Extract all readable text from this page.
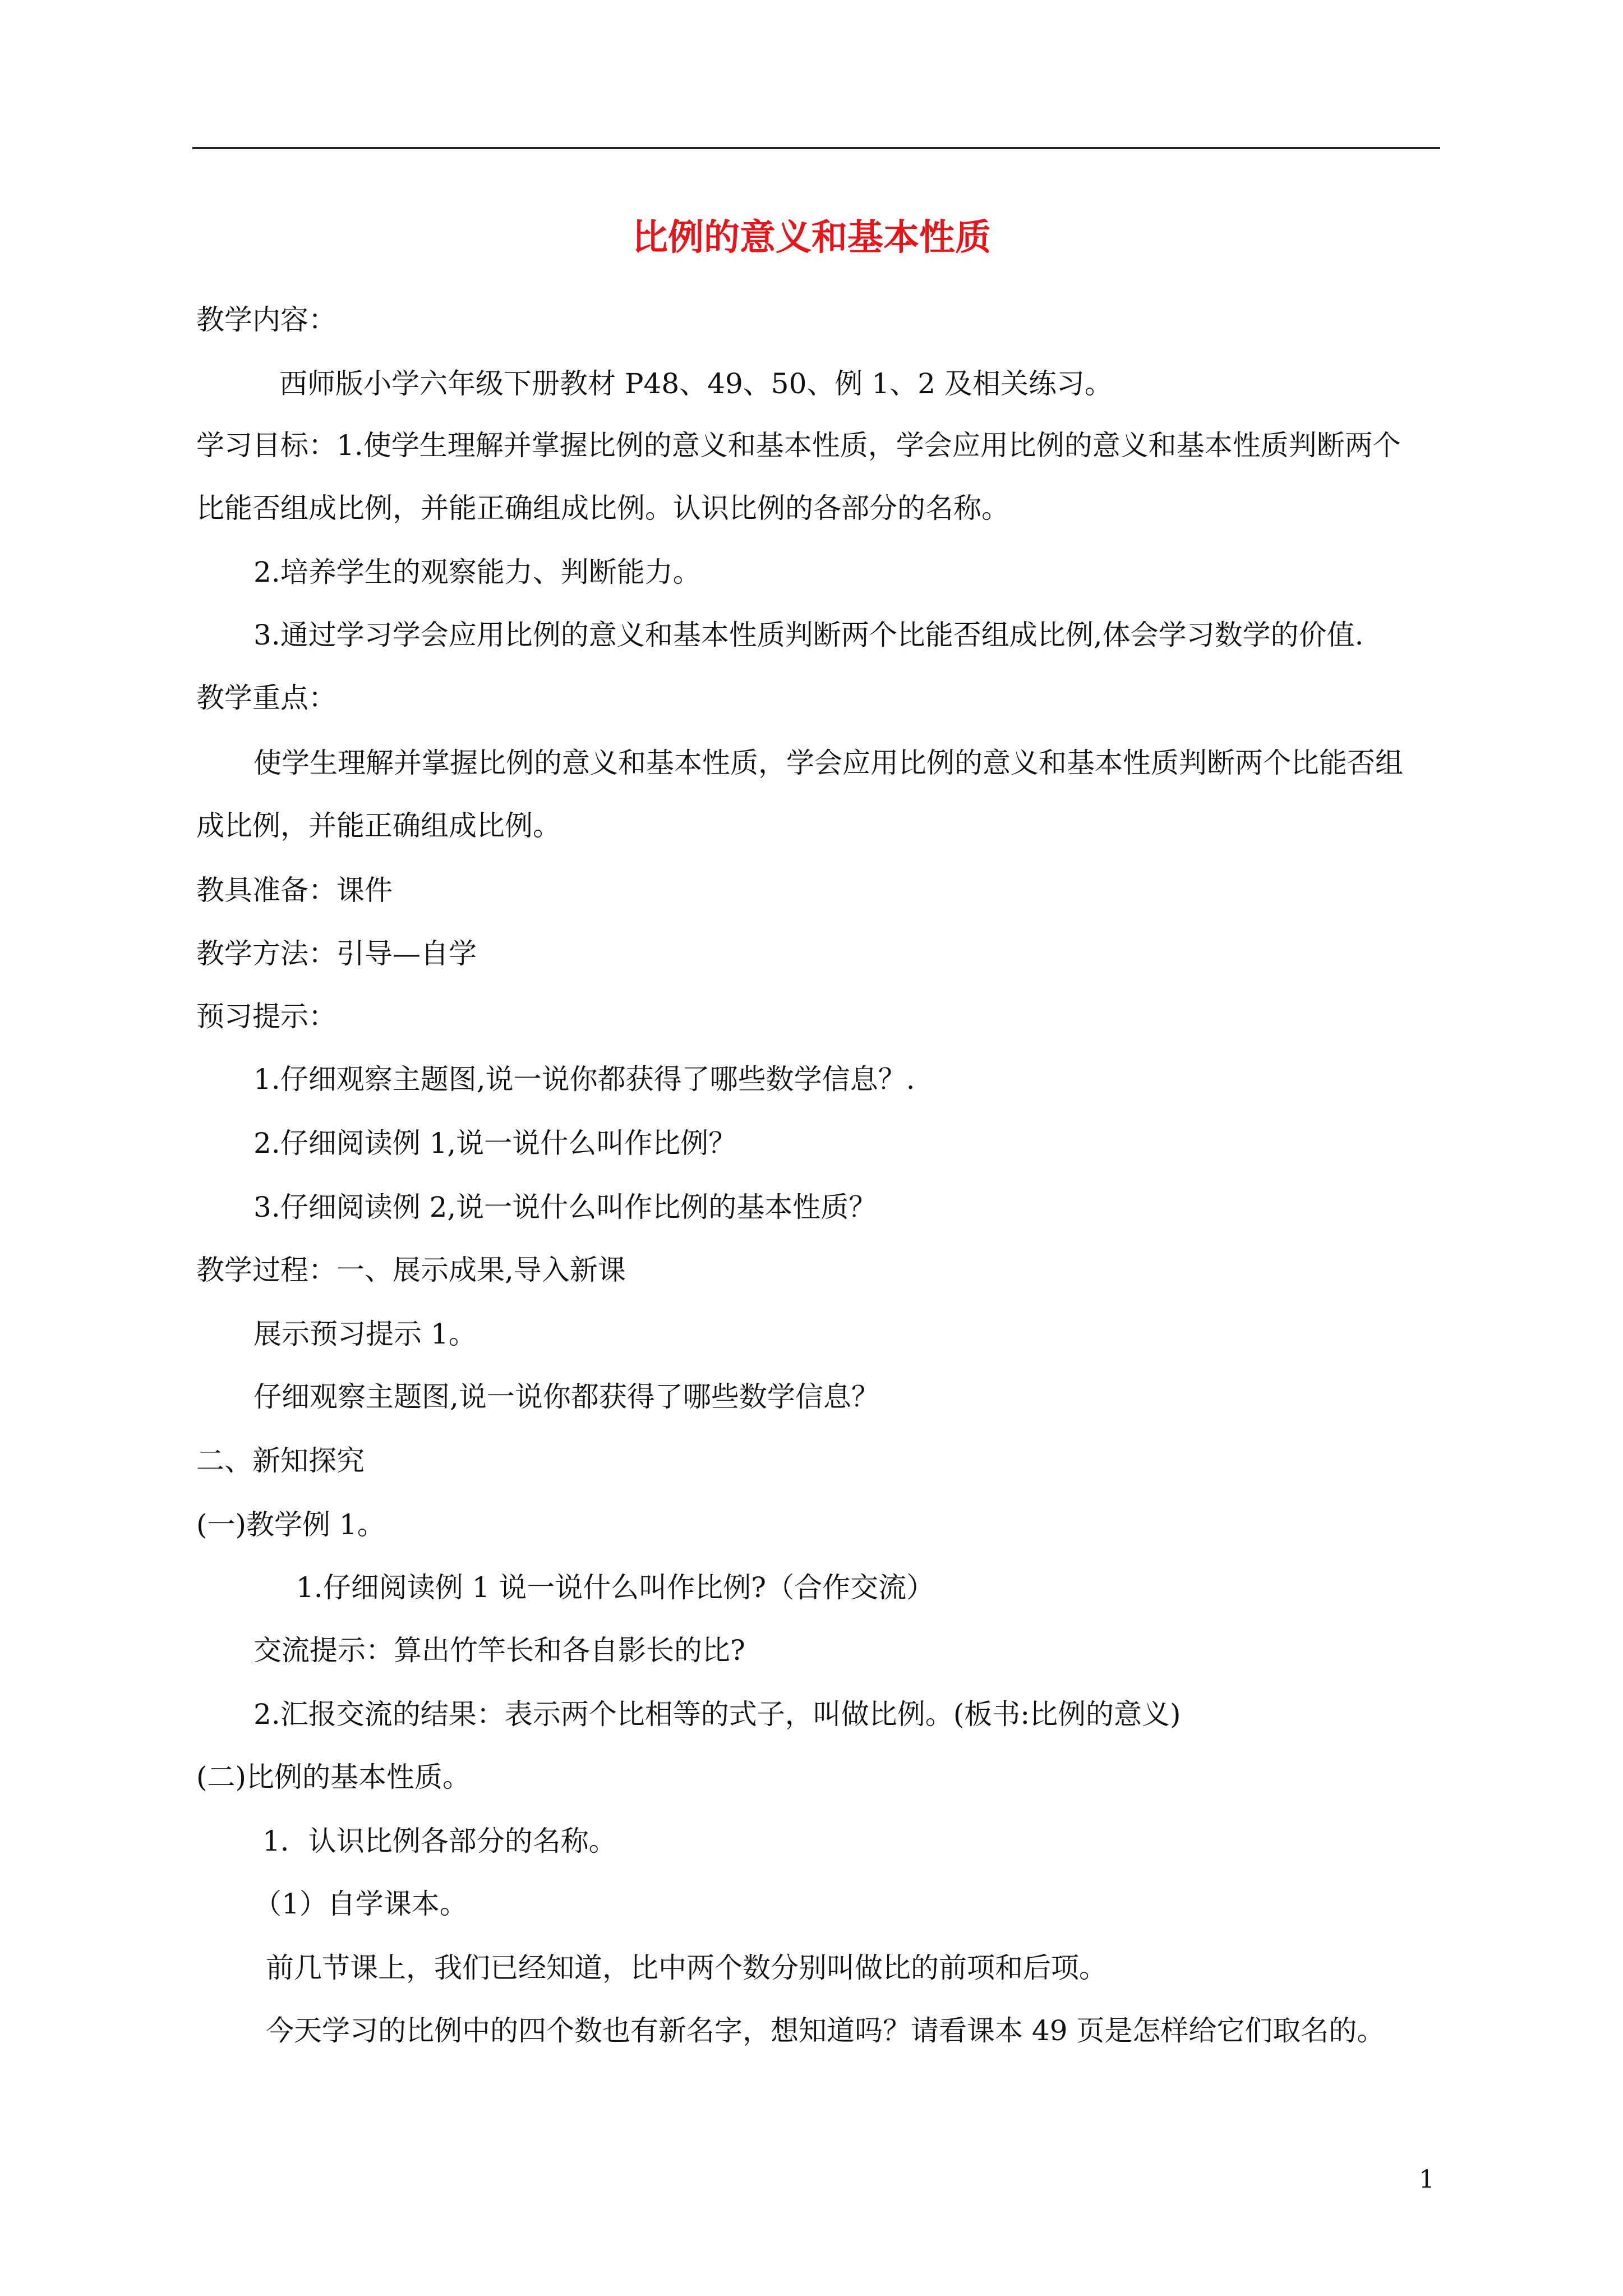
比例的意义和基本性质
教学内容：
西师版小学六年级下册教材 P48、49、50、例 1、2 及相关练习。
学习目标：1.使学生理解并掌握比例的意义和基本性质，学会应用比例的意义和基本性质判断两个
比能否组成比例，并能正确组成比例。认识比例的各部分的名称。
2.培养学生的观察能力、判断能力。
3.通过学习学会应用比例的意义和基本性质判断两个比能否组成比例,体会学习数学的价值.
教学重点：
使学生理解并掌握比例的意义和基本性质，学会应用比例的意义和基本性质判断两个比能否组
成比例，并能正确组成比例。
教具准备：课件
教学方法：引导—自学
预习提示：
1.仔细观察主题图,说一说你都获得了哪些数学信息？.
2.仔细阅读例 1,说一说什么叫作比例？
3.仔细阅读例 2,说一说什么叫作比例的基本性质？
教学过程：一、展示成果,导入新课
展示预习提示 1。
仔细观察主题图,说一说你都获得了哪些数学信息？
二、新知探究
(一)教学例 1。
1.仔细阅读例 1 说一说什么叫作比例?（合作交流）
交流提示：算出竹竿长和各自影长的比?
2.汇报交流的结果：表示两个比相等的式子，叫做比例。(板书:比例的意义)
(二)比例的基本性质。
1．认识比例各部分的名称。
（1）自学课本。
前几节课上，我们已经知道，比中两个数分别叫做比的前项和后项。
今天学习的比例中的四个数也有新名字，想知道吗？请看课本 49 页是怎样给它们取名的。
1
